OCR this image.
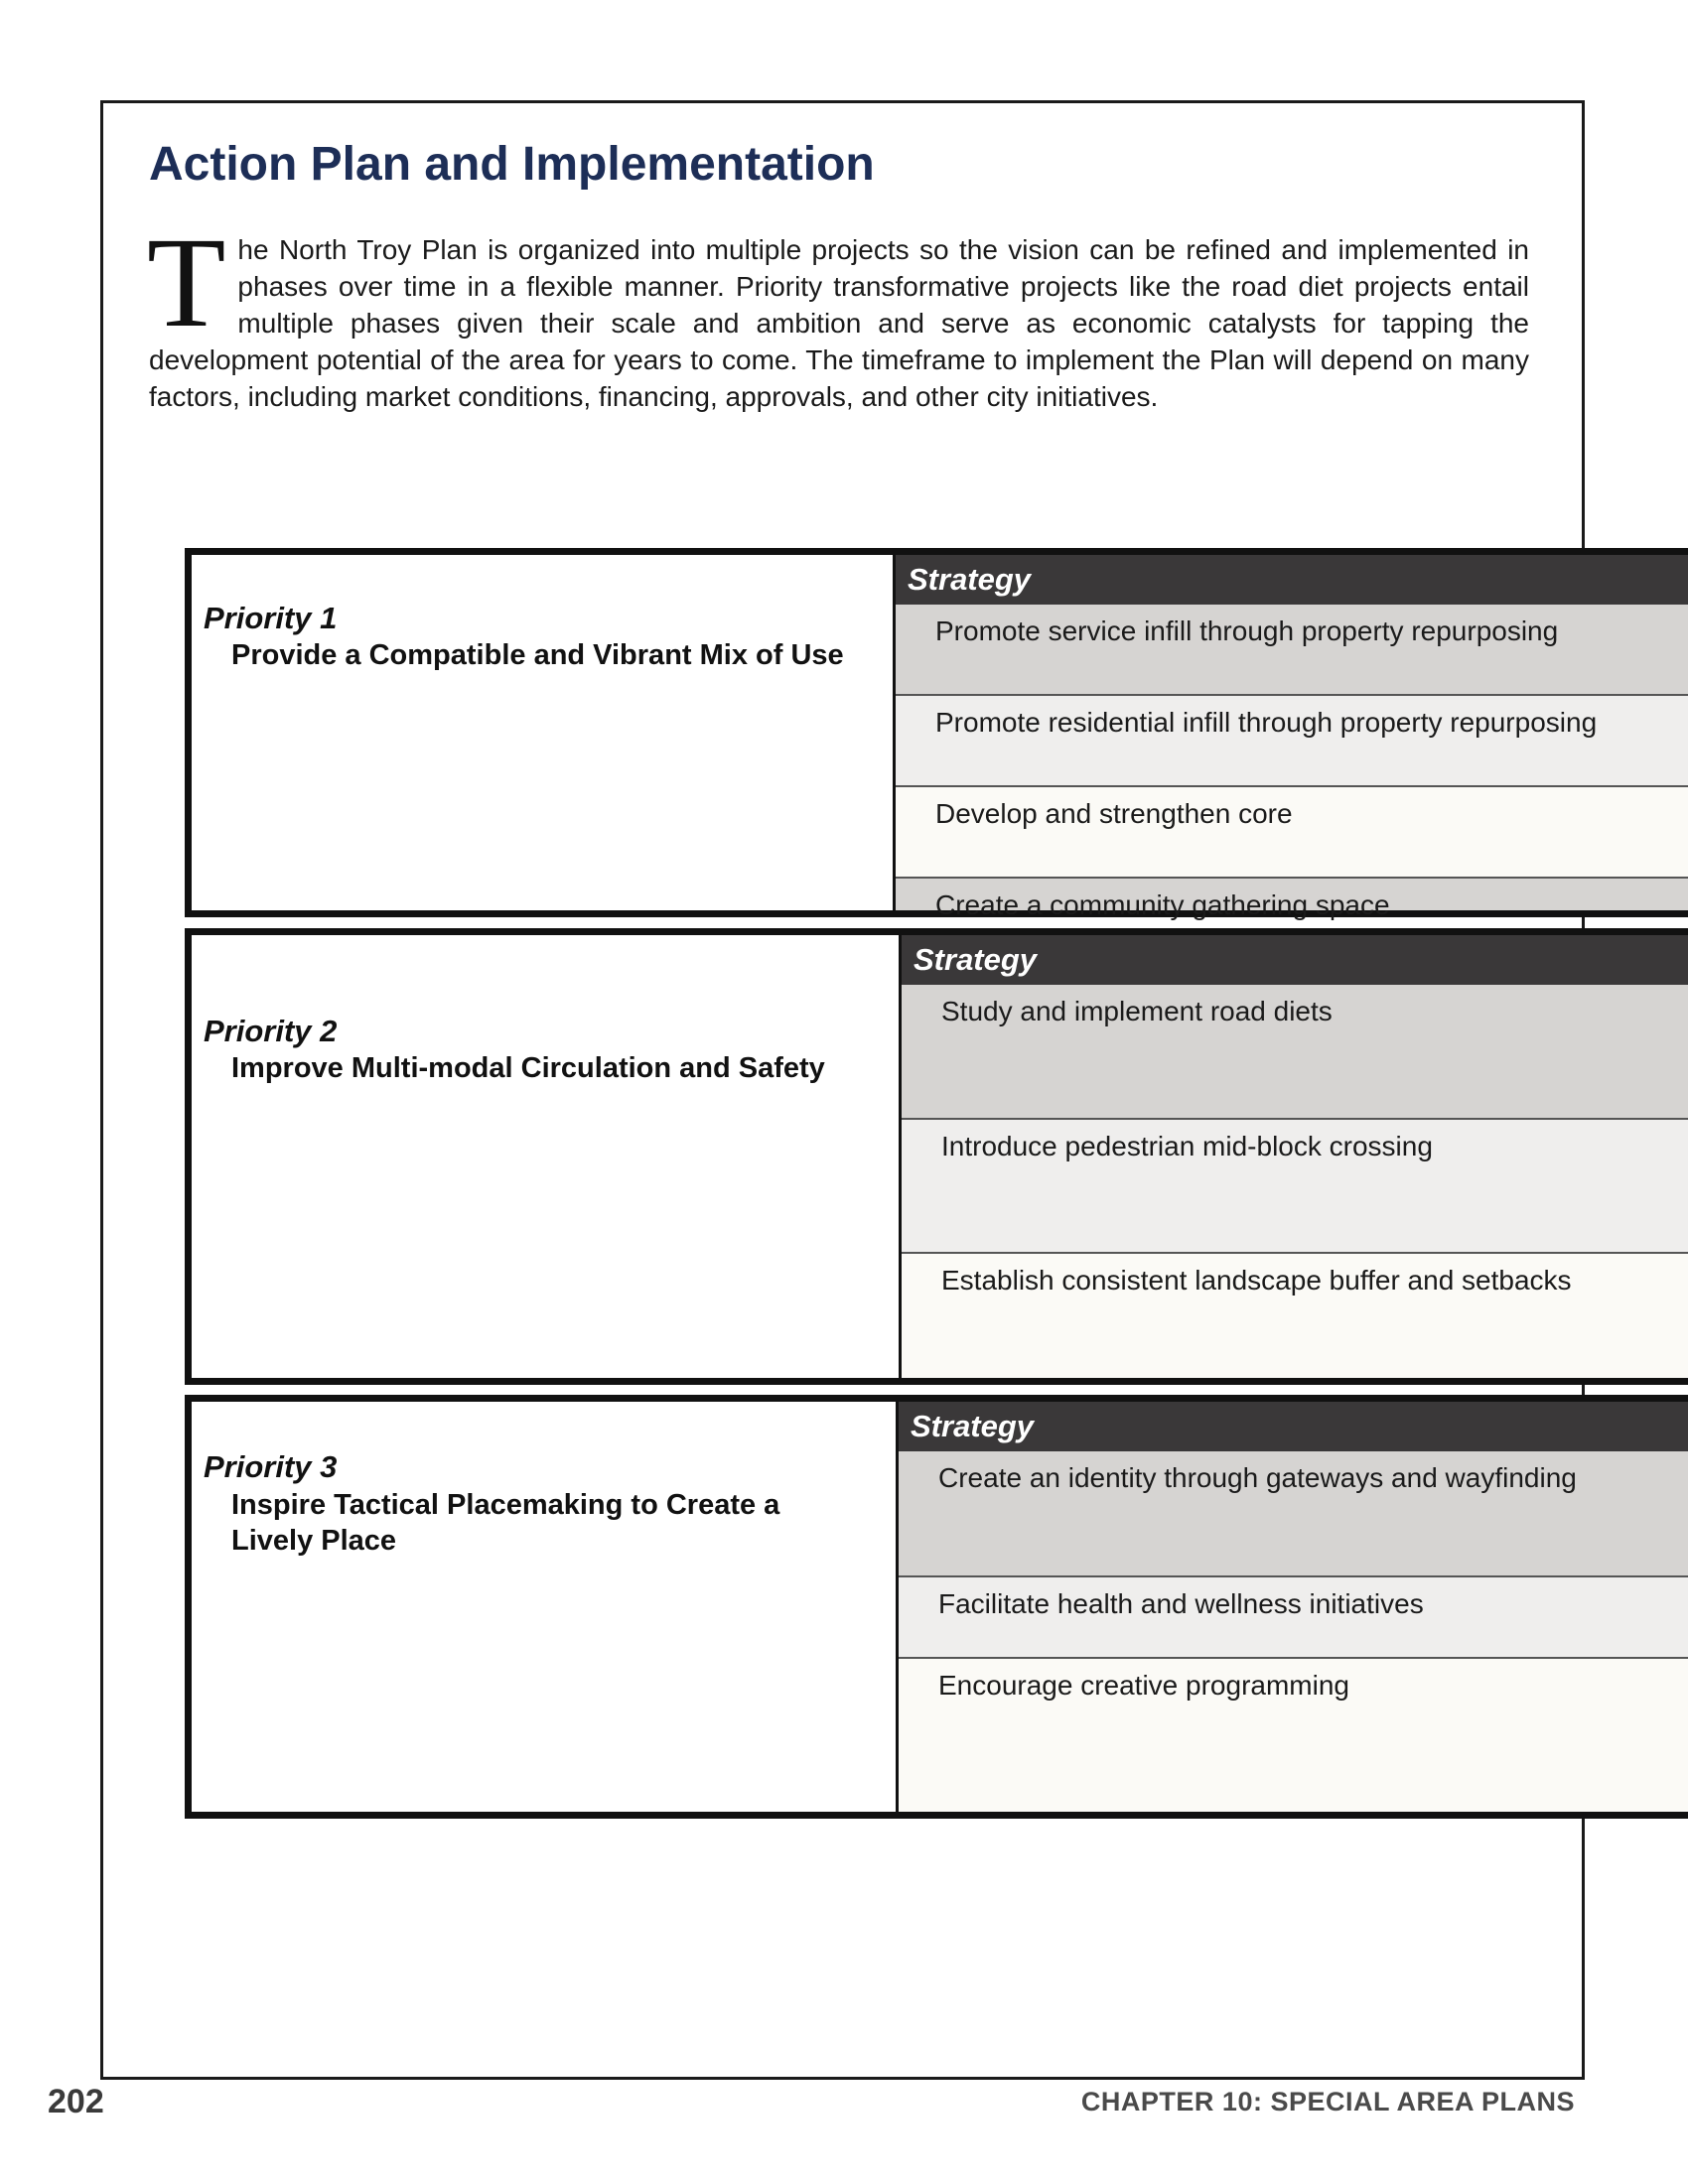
Action Plan and Implementation

The North Troy Plan is organized into multiple projects so the vision can be refined and implemented in phases over time in a flexible manner. Priority transformative projects like the road diet projects entail multiple phases given their scale and ambition and serve as economic catalysts for tapping the development potential of the area for years to come. The timeframe to implement the Plan will depend on many factors, including market conditions, financing, approvals, and other city initiatives.

Priority 1
Provide a Compatible and Vibrant Mix of Use
Strategy
Promote service infill through property repurposing
Promote residential infill through property repurposing
Develop and strengthen core
Create a community gathering space
Priority 2
Improve Multi-modal Circulation and Safety
Strategy
Study and implement road diets
Introduce pedestrian mid-block crossing
Establish consistent landscape buffer and setbacks
Priority 3
Inspire Tactical Placemaking to Create a Lively Place
Strategy
Create an identity through gateways and wayfinding
Facilitate health and wellness initiatives
Encourage creative programming
202	CHAPTER 10: SPECIAL AREA PLANS
